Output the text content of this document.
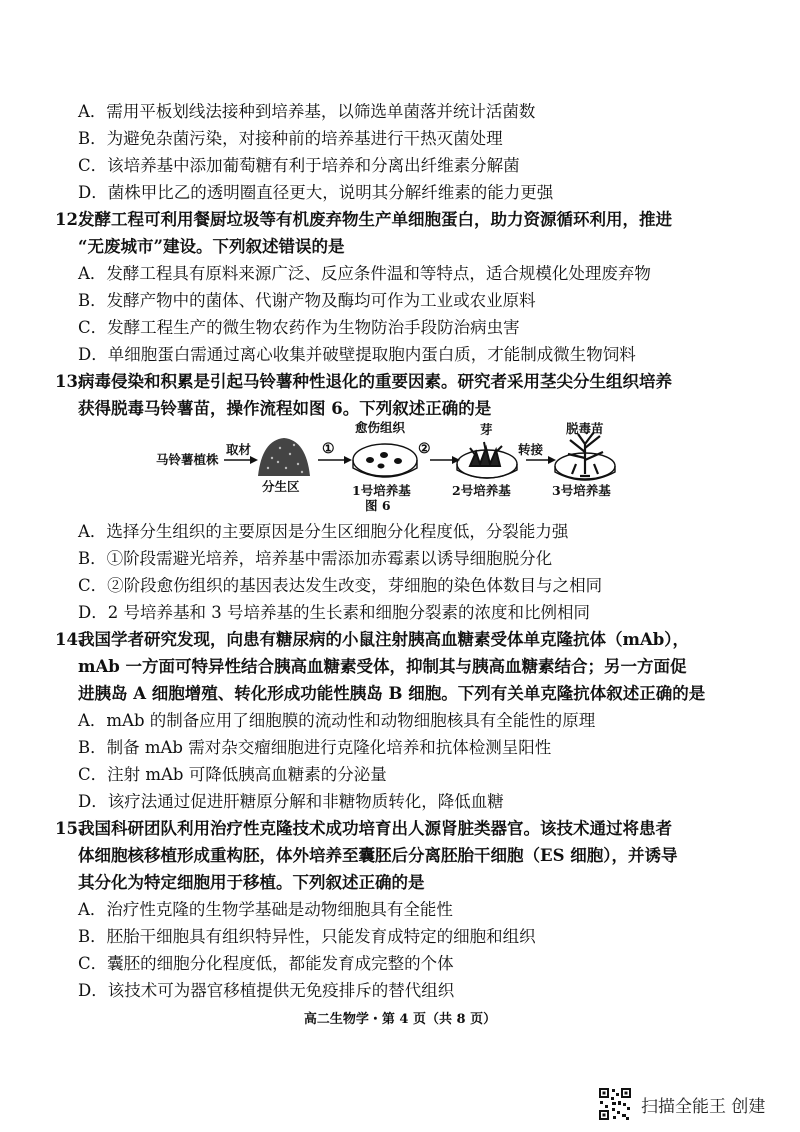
A．需用平板划线法接种到培养基，以筛选单菌落并统计活菌数
B．为避免杂菌污染，对接种前的培养基进行干热灭菌处理
C．该培养基中添加葡萄糖有利于培养和分离出纤维素分解菌
D．菌株甲比乙的透明圈直径更大，说明其分解纤维素的能力更强
12.
发酵工程可利用餐厨垃圾等有机废弃物生产单细胞蛋白，助力资源循环利用，推进
“无废城市”建设。下列叙述错误的是
A．发酵工程具有原料来源广泛、反应条件温和等特点，适合规模化处理废弃物
B．发酵产物中的菌体、代谢产物及酶均可作为工业或农业原料
C．发酵工程生产的微生物农药作为生物防治手段防治病虫害
D．单细胞蛋白需通过离心收集并破壁提取胞内蛋白质，才能制成微生物饲料
13.
病毒侵染和积累是引起马铃薯种性退化的重要因素。研究者采用茎尖分生组织培养
获得脱毒马铃薯苗，操作流程如图 6。下列叙述正确的是
马铃薯植株
取材
分生区
①
愈伤组织
1号培养基
②
芽
2号培养基
转接
脱毒苗
3号培养基
图 6
A．选择分生组织的主要原因是分生区细胞分化程度低，分裂能力强
B．①阶段需避光培养，培养基中需添加赤霉素以诱导细胞脱分化
C．②阶段愈伤组织的基因表达发生改变，芽细胞的染色体数目与之相同
D．2 号培养基和 3 号培养基的生长素和细胞分裂素的浓度和比例相同
14.
我国学者研究发现，向患有糖尿病的小鼠注射胰高血糖素受体单克隆抗体（mAb），
mAb 一方面可特异性结合胰高血糖素受体，抑制其与胰高血糖素结合；另一方面促
进胰岛 A 细胞增殖、转化形成功能性胰岛 B 细胞。下列有关单克隆抗体叙述正确的是
A．mAb 的制备应用了细胞膜的流动性和动物细胞核具有全能性的原理
B．制备 mAb 需对杂交瘤细胞进行克隆化培养和抗体检测呈阳性
C．注射 mAb 可降低胰高血糖素的分泌量
D．该疗法通过促进肝糖原分解和非糖物质转化，降低血糖
15.
我国科研团队利用治疗性克隆技术成功培育出人源肾脏类器官。该技术通过将患者
体细胞核移植形成重构胚，体外培养至囊胚后分离胚胎干细胞（ES 细胞），并诱导
其分化为特定细胞用于移植。下列叙述正确的是
A．治疗性克隆的生物学基础是动物细胞具有全能性
B．胚胎干细胞具有组织特异性，只能发育成特定的细胞和组织
C．囊胚的细胞分化程度低，都能发育成完整的个体
D．该技术可为器官移植提供无免疫排斥的替代组织
高二生物学・第 4 页（共 8 页）
扫描全能王 创建
